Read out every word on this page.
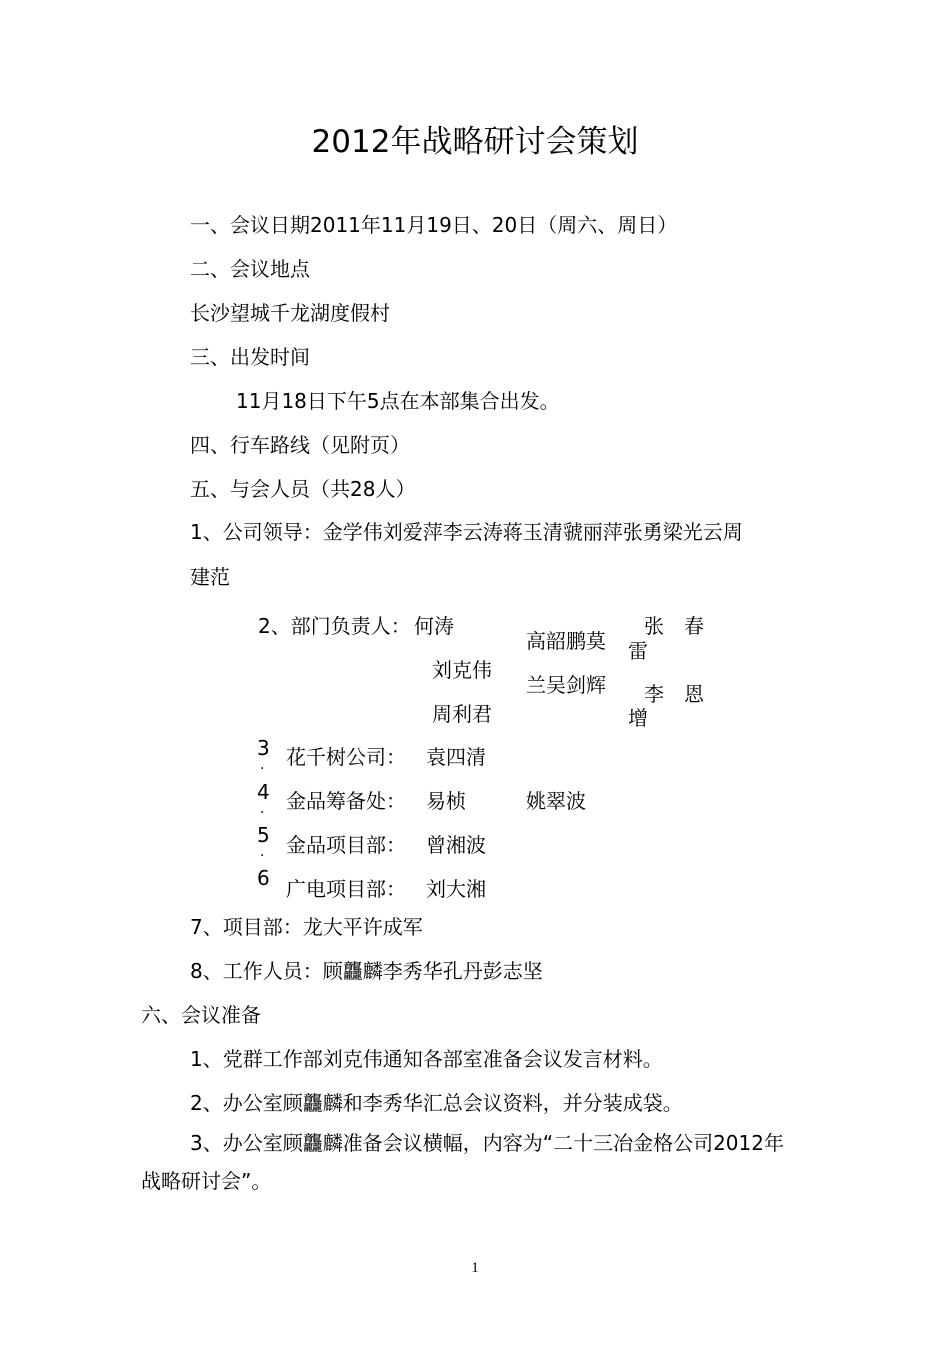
2012年战略研讨会策划
一、会议日期2011年11月19日、20日（周六、周日）
二、会议地点
长沙望城千龙湖度假村
三、出发时间
11月18日下午5点在本部集合出发。
四、行车路线（见附页）
五、与会人员（共28人）
1、公司领导：金学伟刘爱萍李云涛蒋玉清虢丽萍张勇梁光云周
建范
2、部门负责人： 何涛
刘克伟
周利君
高韶鹏莫
兰吴剑辉
张 春
雷
李 恩
增
3
. 花千树公司： 袁四清
4
. 金品筹备处： 易桢	姚翠波
5
. 金品项目部： 曾湘波
6 广电项目部： 刘大湘
7、项目部：龙大平许成军
8、工作人员：顾龘麟李秀华孔丹彭志坚
六、会议准备
1、党群工作部刘克伟通知各部室准备会议发言材料。
2、办公室顾龘麟和李秀华汇总会议资料，并分装成袋。
3、办公室顾龘麟准备会议横幅，内容为“二十三冶金格公司2012年
战略研讨会”。
1
